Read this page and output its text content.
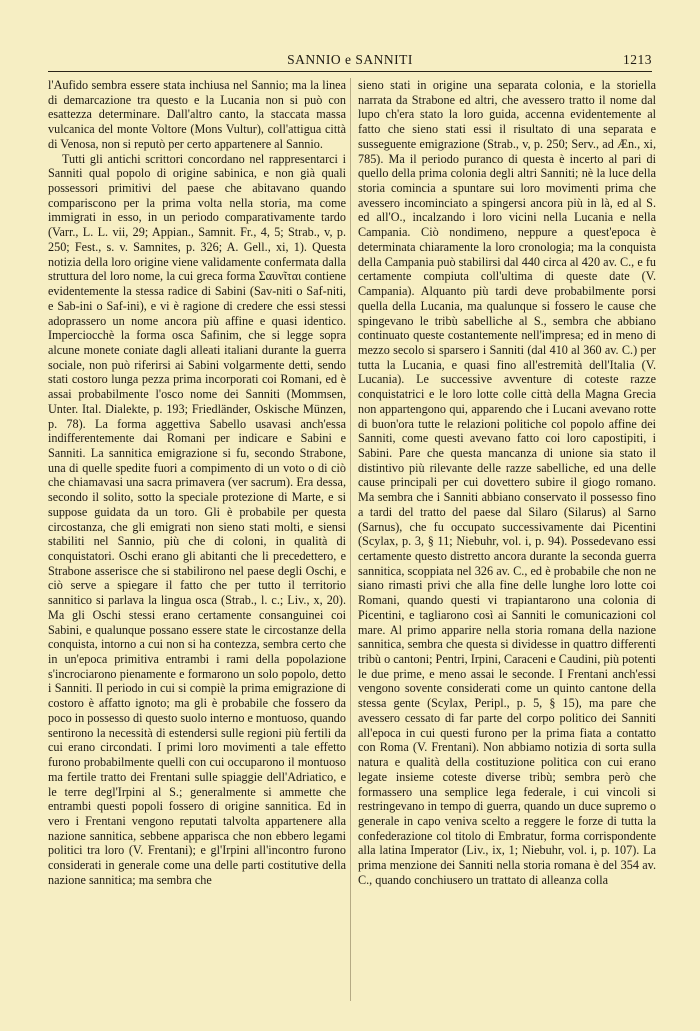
SANNIO e SANNITI	1213

l'Aufido sembra essere stata inchiusa nel Sannio; ma la linea di demarcazione tra questo e la Lucania non si può con esattezza determinare. Dall'altro canto, la staccata massa vulcanica del monte Voltore (Mons Vultur), coll'attigua città di Venosa, non si reputò per certo appartenere al Sannio.

Tutti gli antichi scrittori concordano nel rappresentarci i Sanniti qual popolo di origine sabinica, e non già quali possessori primitivi del paese che abitavano quando compariscono per la prima volta nella storia, ma come immigrati in esso, in un periodo comparativamente tardo (Varr., L. L. vii, 29; Appian., Samnit. Fr., 4, 5; Strab., v, p. 250; Fest., s. v. Samnites, p. 326; A. Gell., xi, 1). Questa notizia della loro origine viene validamente confermata dalla struttura del loro nome, la cui greca forma Σαυνῖται contiene evidentemente la stessa radice di Sabini (Sav-niti o Saf-niti, e Sab-ini o Saf-ini), e vi è ragione di credere che essi stessi adoprassero un nome ancora più affine e quasi identico. Imperciocchè la forma osca Safinim, che si legge sopra alcune monete coniate dagli alleati italiani durante la guerra sociale, non può riferirsi ai Sabini volgarmente detti, sendo stati costoro lunga pezza prima incorporati coi Romani, ed è assai probabilmente l'osco nome dei Sanniti (Mommsen, Unter. Ital. Dialekte, p. 193; Friedländer, Oskische Münzen, p. 78). La forma aggettiva Sabello usavasi anch'essa indifferentemente dai Romani per indicare e Sabini e Sanniti. La sannitica emigrazione si fu, secondo Strabone, una di quelle spedite fuori a compimento di un voto o di ciò che chiamavasi una sacra primavera (ver sacrum). Era dessa, secondo il solito, sotto la speciale protezione di Marte, e si suppose guidata da un toro. Gli è probabile per questa circostanza, che gli emigrati non sieno stati molti, e siensi stabiliti nel Sannio, più che di coloni, in qualità di conquistatori. Oschi erano gli abitanti che li precedettero, e Strabone asserisce che si stabilirono nel paese degli Oschi, e ciò serve a spiegare il fatto che per tutto il territorio sannitico si parlava la lingua osca (Strab., l. c.; Liv., x, 20). Ma gli Oschi stessi erano certamente consanguinei coi Sabini, e qualunque possano essere state le circostanze della conquista, intorno a cui non si ha contezza, sembra certo che in un'epoca primitiva entrambi i rami della popolazione s'incrociarono pienamente e formarono un solo popolo, detto i Sanniti. Il periodo in cui si compiè la prima emigrazione di costoro è affatto ignoto; ma gli è probabile che fossero da poco in possesso di questo suolo interno e montuoso, quando sentirono la necessità di estendersi sulle regioni più fertili da cui erano circondati. I primi loro movimenti a tale effetto furono probabilmente quelli con cui occuparono il montuoso ma fertile tratto dei Frentani sulle spiaggie dell'Adriatico, e le terre degl'Irpini al S.; generalmente si ammette che entrambi questi popoli fossero di origine sannitica. Ed in vero i Frentani vengono reputati talvolta appartenere alla nazione sannitica, sebbene apparisca che non ebbero legami politici tra loro (V. Frentani); e gl'Irpini all'incontro furono considerati in generale come una delle parti costitutive della nazione sannitica; ma sembra che

sieno stati in origine una separata colonia, e la storiella narrata da Strabone ed altri, che avessero tratto il nome dal lupo ch'era stato la loro guida, accenna evidentemente al fatto che sieno stati essi il risultato di una separata e susseguente emigrazione (Strab., v, p. 250; Serv., ad Æn., xi, 785). Ma il periodo puranco di questa è incerto al pari di quello della prima colonia degli altri Sanniti; nè la luce della storia comincia a spuntare sui loro movimenti prima che avessero incominciato a spingersi ancora più in là, ed al S. ed all'O., incalzando i loro vicini nella Lucania e nella Campania. Ciò nondimeno, neppure a quest'epoca è determinata chiaramente la loro cronologia; ma la conquista della Campania può stabilirsi dal 440 circa al 420 av. C., e fu certamente compiuta coll'ultima di queste date (V. Campania). Alquanto più tardi deve probabilmente porsi quella della Lucania, ma qualunque si fossero le cause che spingevano le tribù sabelliche al S., sembra che abbiano continuato queste costantemente nell'impresa; ed in meno di mezzo secolo si sparsero i Sanniti (dal 410 al 360 av. C.) per tutta la Lucania, e quasi fino all'estremità dell'Italia (V. Lucania). Le successive avventure di coteste razze conquistatrici e le loro lotte colle città della Magna Grecia non appartengono qui, apparendo che i Lucani avevano rotte di buon'ora tutte le relazioni politiche col popolo affine dei Sanniti, come questi avevano fatto coi loro capostipiti, i Sabini. Pare che questa mancanza di unione sia stato il distintivo più rilevante delle razze sabelliche, ed una delle cause principali per cui dovettero subire il giogo romano. Ma sembra che i Sanniti abbiano conservato il possesso fino a tardi del tratto del paese dal Silaro (Silarus) al Sarno (Sarnus), che fu occupato successivamente dai Picentini (Scylax, p. 3, § 11; Niebuhr, vol. i, p. 94). Possedevano essi certamente questo distretto ancora durante la seconda guerra sannitica, scoppiata nel 326 av. C., ed è probabile che non ne siano rimasti privi che alla fine delle lunghe loro lotte coi Romani, quando questi vi trapiantarono una colonia di Picentini, e tagliarono così ai Sanniti le comunicazioni col mare. Al primo apparire nella storia romana della nazione sannitica, sembra che questa si dividesse in quattro differenti tribù o cantoni; Pentri, Irpini, Caraceni e Caudini, più potenti le due prime, e meno assai le seconde. I Frentani anch'essi vengono sovente considerati come un quinto cantone della stessa gente (Scylax, Peripl., p. 5, § 15), ma pare che avessero cessato di far parte del corpo politico dei Sanniti all'epoca in cui questi furono per la prima fiata a contatto con Roma (V. Frentani). Non abbiamo notizia di sorta sulla natura e qualità della costituzione politica con cui erano legate insieme coteste diverse tribù; sembra però che formassero una semplice lega federale, i cui vincoli si restringevano in tempo di guerra, quando un duce supremo o generale in capo veniva scelto a reggere le forze di tutta la confederazione col titolo di Embratur, forma corrispondente alla latina Imperator (Liv., ix, 1; Niebuhr, vol. i, p. 107). La prima menzione dei Sanniti nella storia romana è del 354 av. C., quando conchiusero un trattato di alleanza colla
